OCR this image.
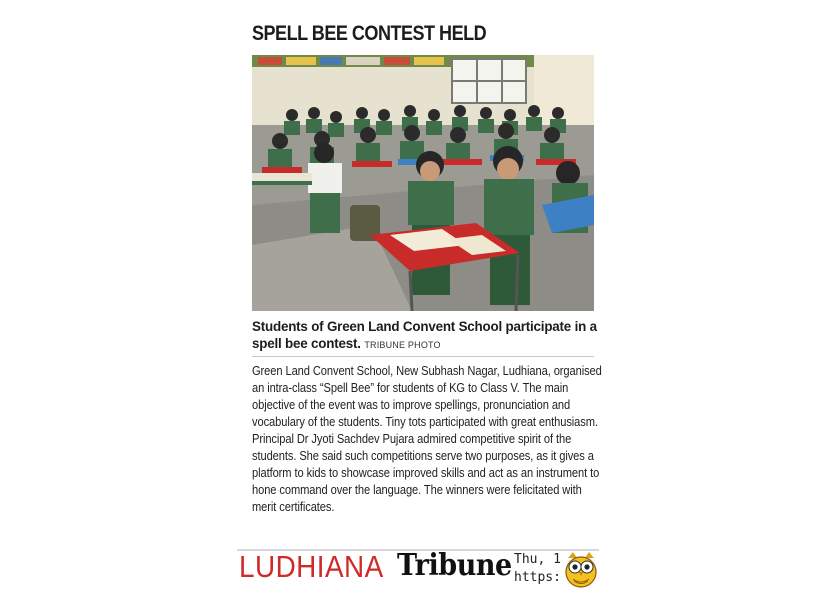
SPELL BEE CONTEST HELD
Students of Green Land Convent School participate in a spell bee contest. TRIBUNE PHOTO

Green Land Convent School, New Subhash Nagar, Ludhiana, organised an intra-class “Spell Bee” for students of KG to Class V. The main objective of the event was to improve spellings, pronunciation and vocabulary of the students. Tiny tots participated with great enthusiasm. Principal Dr Jyoti Sachdev Pujara admired competitive spirit of the students. She said such competitions serve two purposes, as it gives a platform to kids to showcase improved skills and act as an instrument to hone command over the language. The winners were felicitated with merit certificates.

LUDHIANA Tribune Thu, 1
https:
